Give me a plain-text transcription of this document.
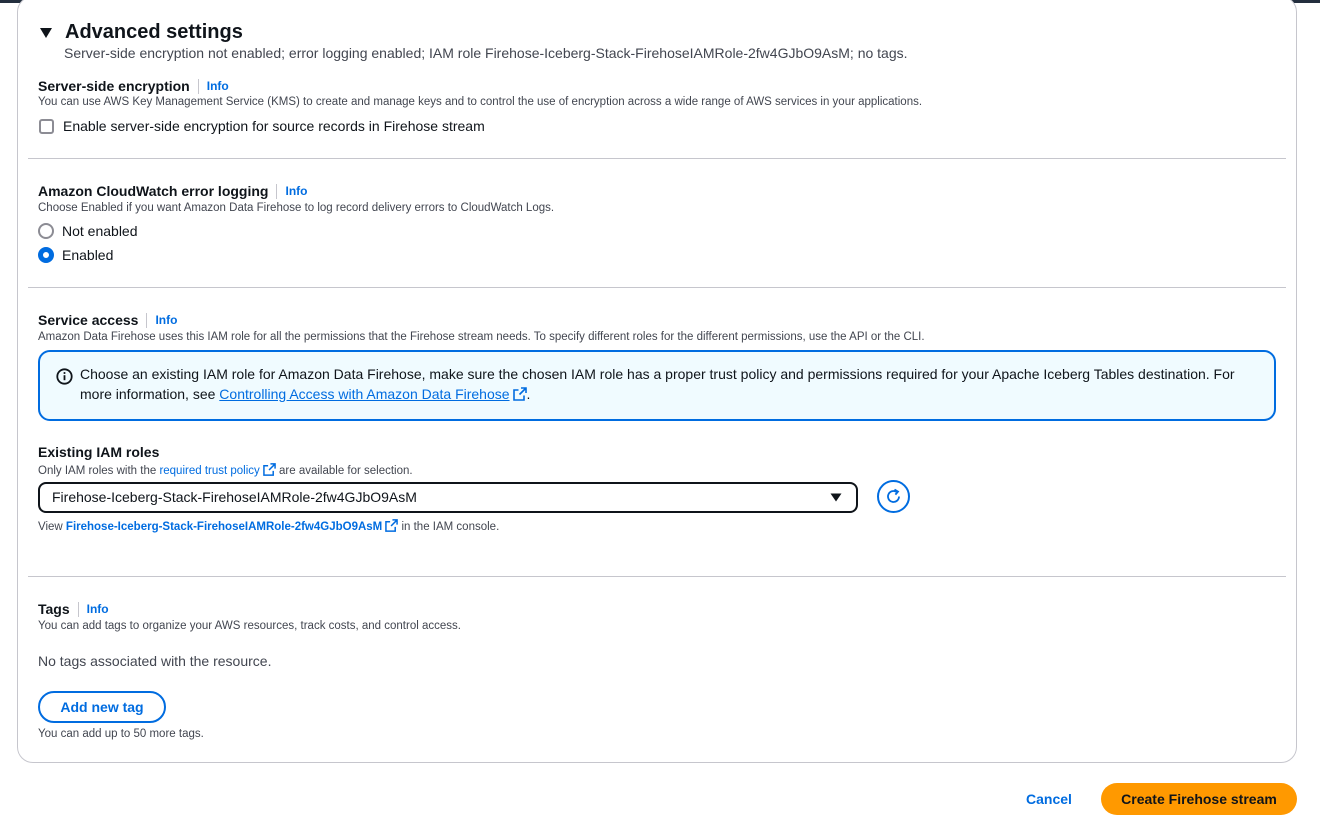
Advanced settings
Server-side encryption not enabled; error logging enabled; IAM role Firehose-Iceberg-Stack-FirehoseIAMRole-2fw4GJbO9AsM; no tags.
Server-side encryption Info
You can use AWS Key Management Service (KMS) to create and manage keys and to control the use of encryption across a wide range of AWS services in your applications.
Enable server-side encryption for source records in Firehose stream
Amazon CloudWatch error logging Info
Choose Enabled if you want Amazon Data Firehose to log record delivery errors to CloudWatch Logs.
Not enabled
Enabled
Service access Info
Amazon Data Firehose uses this IAM role for all the permissions that the Firehose stream needs. To specify different roles for the different permissions, use the API or the CLI.
Choose an existing IAM role for Amazon Data Firehose, make sure the chosen IAM role has a proper trust policy and permissions required for your Apache Iceberg Tables destination. For
more information, see Controlling Access with Amazon Data Firehose .
Existing IAM roles
Only IAM roles with the required trust policy are available for selection.
Firehose-Iceberg-Stack-FirehoseIAMRole-2fw4GJbO9AsM
View Firehose-Iceberg-Stack-FirehoseIAMRole-2fw4GJbO9AsM in the IAM console.
Tags Info
You can add tags to organize your AWS resources, track costs, and control access.
No tags associated with the resource.
Add new tag
You can add up to 50 more tags.
Cancel	Create Firehose stream
